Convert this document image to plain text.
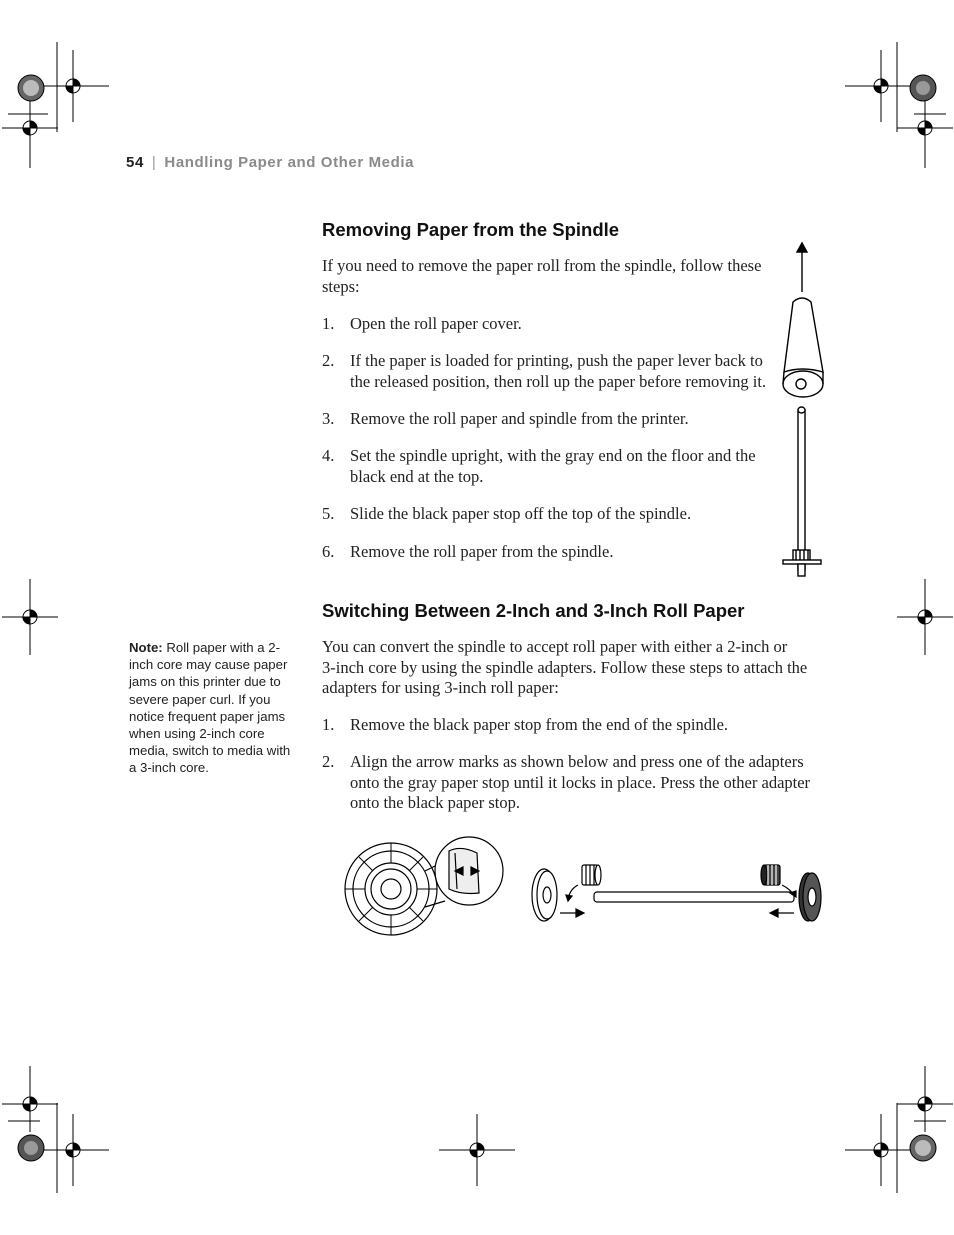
54 | Handling Paper and Other Media
Removing Paper from the Spindle
If you need to remove the paper roll from the spindle, follow these
steps:
1. Open the roll paper cover.
2. If the paper is loaded for printing, push the paper lever back to
the released position, then roll up the paper before removing it.
3. Remove the roll paper and spindle from the printer.
4. Set the spindle upright, with the gray end on the floor and the
black end at the top.
5. Slide the black paper stop off the top of the spindle.
6. Remove the roll paper from the spindle.
Switching Between 2-Inch and 3-Inch Roll Paper
You can convert the spindle to accept roll paper with either a 2-inch or
3-inch core by using the spindle adapters. Follow these steps to attach the
adapters for using 3-inch roll paper:
1. Remove the black paper stop from the end of the spindle.
2. Align the arrow marks as shown below and press one of the adapters
onto the gray paper stop until it locks in place. Press the other adapter
onto the black paper stop.
Note: Roll paper with a 2-inch core may cause paper jams on this printer due to severe paper curl. If you notice frequent paper jams when using 2-inch core media, switch to media with a 3-inch core.
